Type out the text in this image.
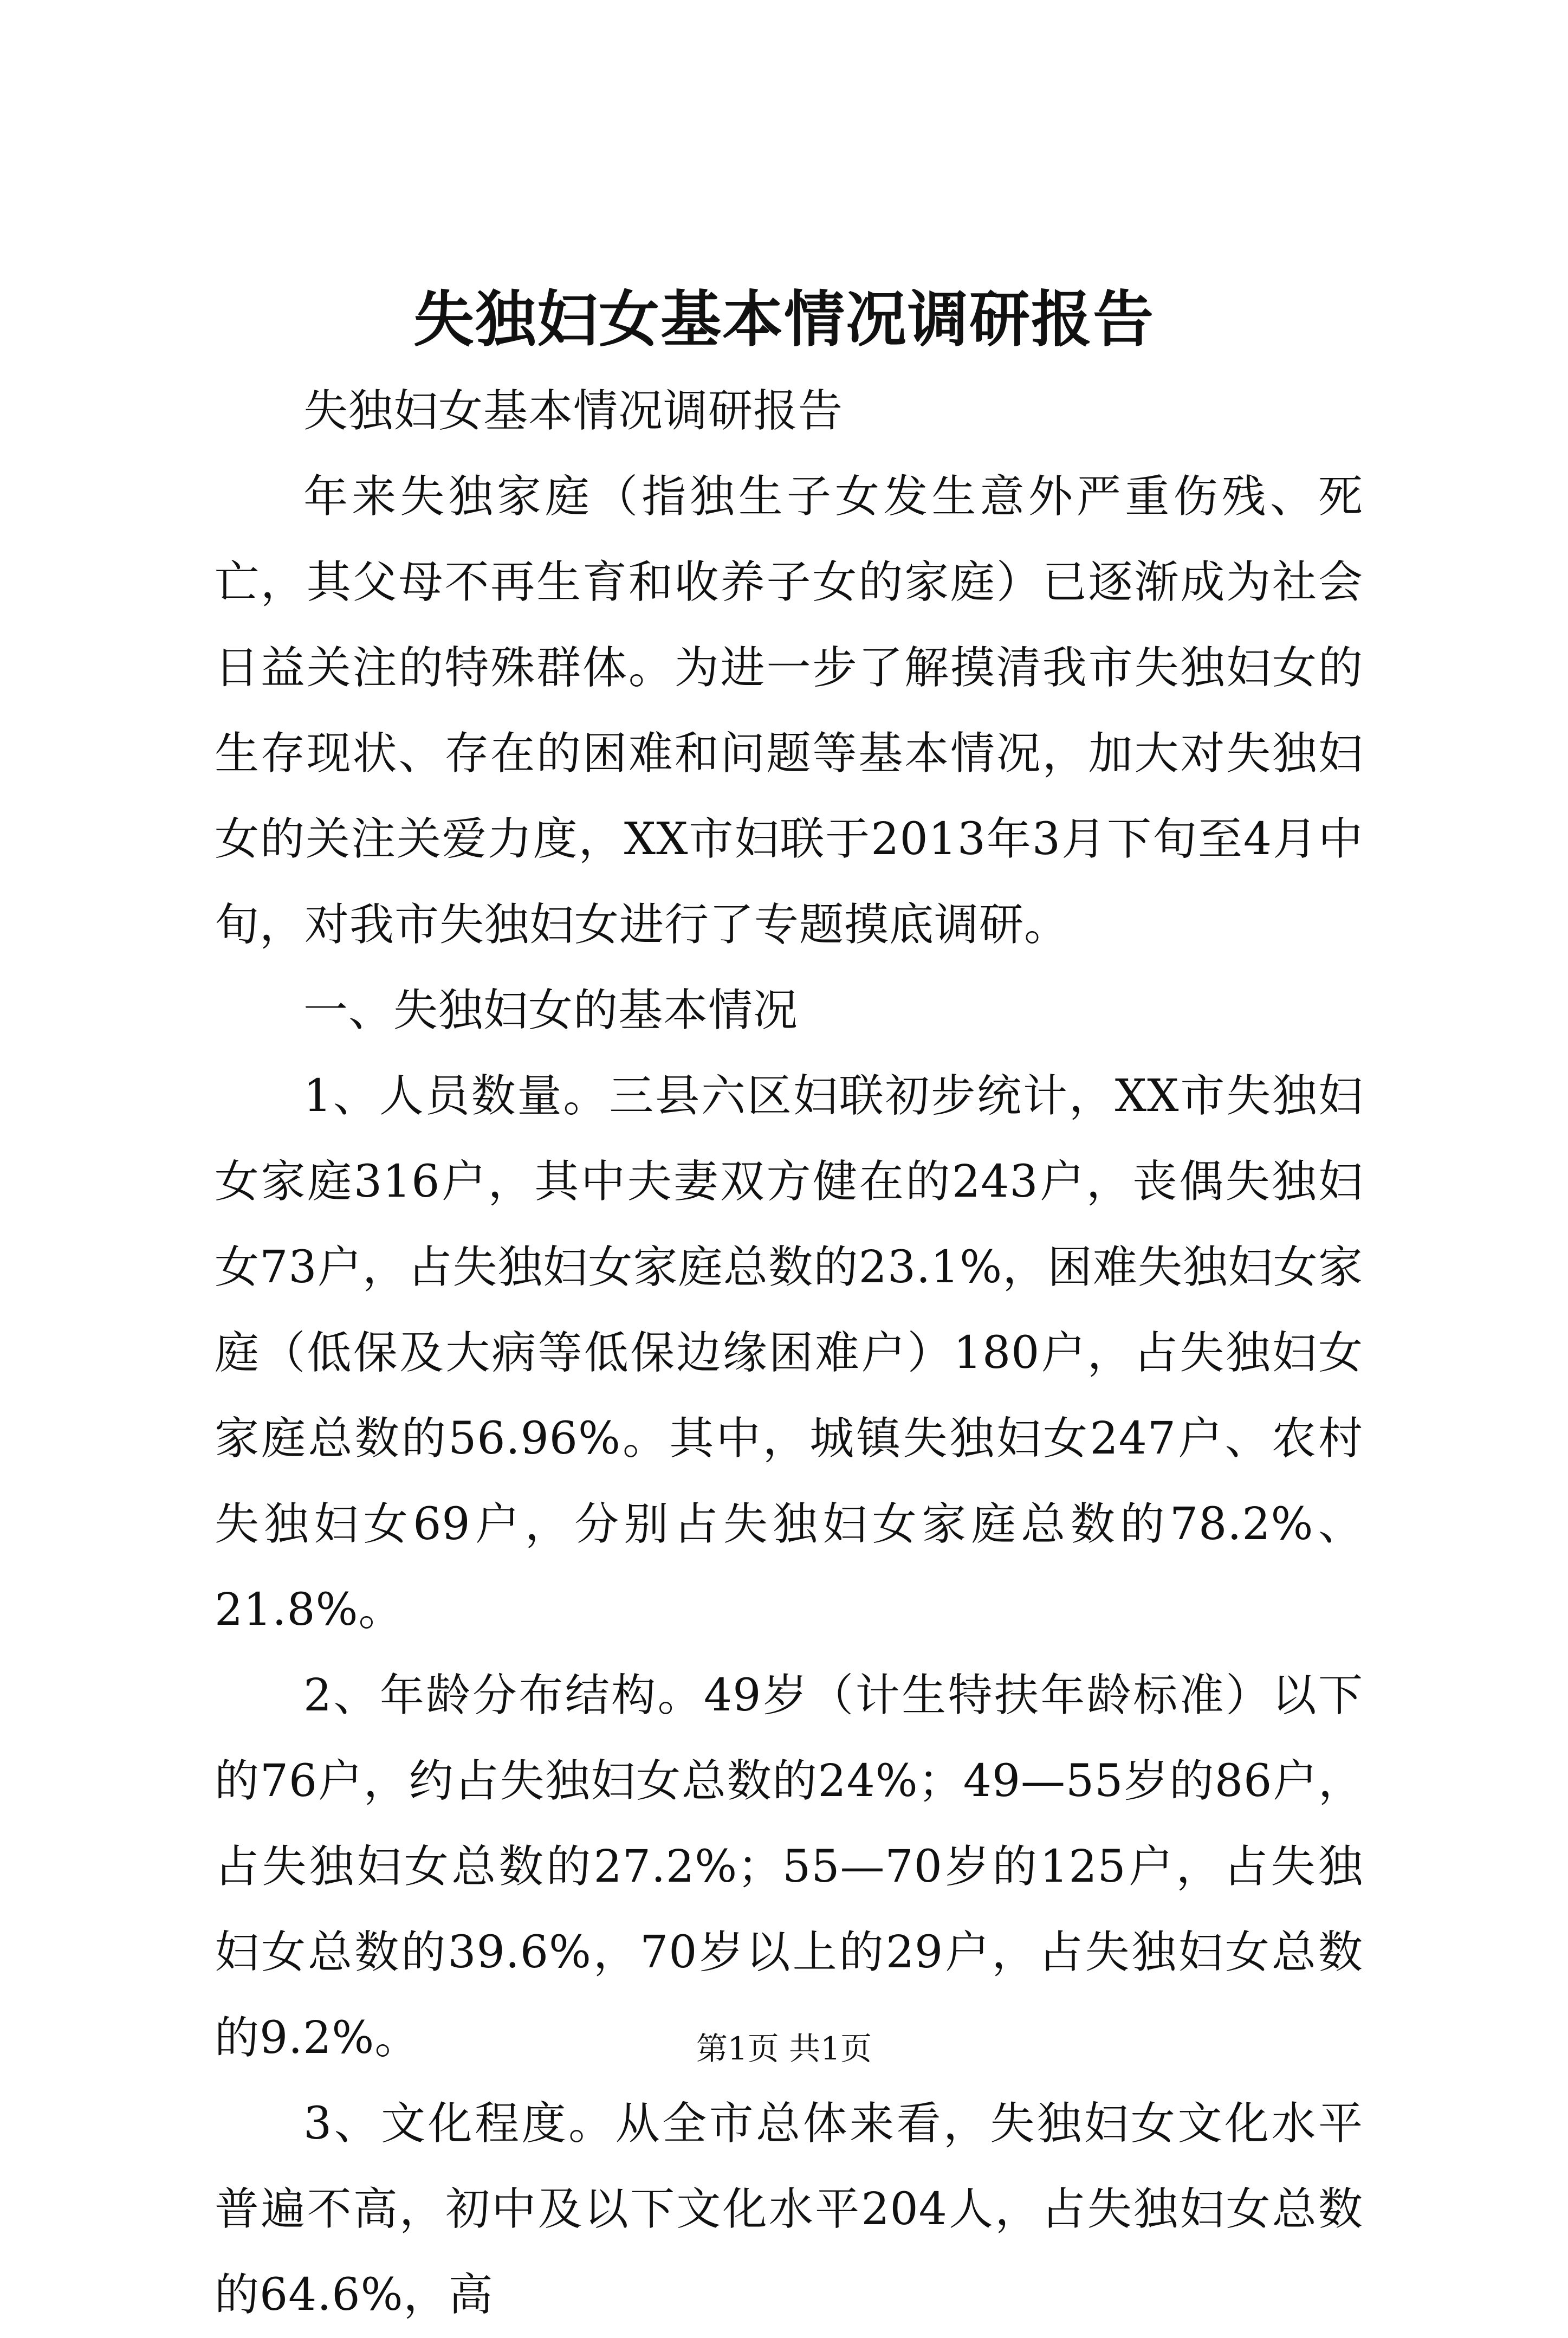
失独妇女基本情况调研报告

失独妇女基本情况调研报告

年来失独家庭（指独生子女发生意外严重伤残、死亡，其父母不再生育和收养子女的家庭）已逐渐成为社会日益关注的特殊群体。为进一步了解摸清我市失独妇女的生存现状、存在的困难和问题等基本情况，加大对失独妇女的关注关爱力度，XX市妇联于2013年3月下旬至4月中旬，对我市失独妇女进行了专题摸底调研。

一、失独妇女的基本情况

1、人员数量。三县六区妇联初步统计，XX市失独妇女家庭316户，其中夫妻双方健在的243户，丧偶失独妇女73户，占失独妇女家庭总数的23.1%，困难失独妇女家庭（低保及大病等低保边缘困难户）180户，占失独妇女家庭总数的56.96%。其中，城镇失独妇女247户、农村失独妇女69户，分别占失独妇女家庭总数的78.2%、21.8%。

2、年龄分布结构。49岁（计生特扶年龄标准）以下的76户，约占失独妇女总数的24%；49—55岁的86户，占失独妇女总数的27.2%；55—70岁的125户，占失独妇女总数的39.6%，70岁以上的29户，占失独妇女总数的9.2%。

3、文化程度。从全市总体来看，失独妇女文化水平普遍不高，初中及以下文化水平204人，占失独妇女总数的64.6%，高

第1页 共1页
